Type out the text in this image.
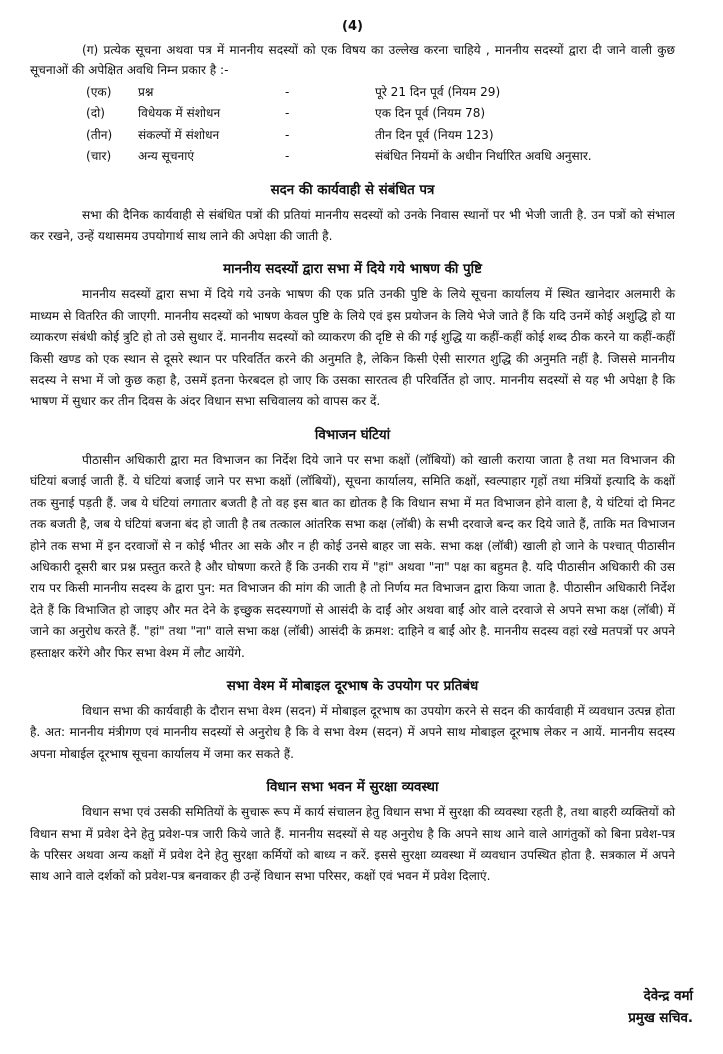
(4)

(ग) प्रत्येक सूचना अथवा पत्र में माननीय सदस्यों को एक विषय का उल्लेख करना चाहिये , माननीय सदस्यों द्वारा दी जाने वाली कुछ सूचनाओं की अपेक्षित अवधि निम्न प्रकार है :-

(एक)	प्रश्न	-	पूरे 21 दिन पूर्व (नियम 29)
(दो)	विधेयक में संशोधन	-	एक दिन पूर्व (नियम 78)
(तीन)	संकल्पों में संशोधन	-	तीन दिन पूर्व (नियम 123)
(चार)	अन्य सूचनाएं	-	संबंधित नियमों के अधीन निर्धारित अवधि अनुसार.
सदन की कार्यवाही से संबंधित पत्र

सभा की दैनिक कार्यवाही से संबंधित पत्रों की प्रतियां माननीय सदस्यों को उनके निवास स्थानों पर भी भेजी जाती है. उन पत्रों को संभाल कर रखने, उन्हें यथासमय उपयोगार्थ साथ लाने की अपेक्षा की जाती है.

माननीय सदस्यों द्वारा सभा में दिये गये भाषण की पुष्टि

माननीय सदस्यों द्वारा सभा में दिये गये उनके भाषण की एक प्रति उनकी पुष्टि के लिये सूचना कार्यालय में स्थित खानेदार अलमारी के माध्यम से वितरित की जाएगी. माननीय सदस्यों को भाषण केवल पुष्टि के लिये एवं इस प्रयोजन के लिये भेजे जाते हैं कि यदि उनमें कोई अशुद्धि हो या व्याकरण संबंधी कोई त्रुटि हो तो उसे सुधार दें. माननीय सदस्यों को व्याकरण की दृष्टि से की गई शुद्धि या कहीं-कहीं कोई शब्द ठीक करने या कहीं-कहीं किसी खण्ड को एक स्थान से दूसरे स्थान पर परिवर्तित करने की अनुमति है, लेकिन किसी ऐसी सारगत शुद्धि की अनुमति नहीं है. जिससे माननीय सदस्य ने सभा में जो कुछ कहा है, उसमें इतना फेरबदल हो जाए कि उसका सारतत्व ही परिवर्तित हो जाए. माननीय सदस्यों से यह भी अपेक्षा है कि भाषण में सुधार कर तीन दिवस के अंदर विधान सभा सचिवालय को वापस कर दें.

विभाजन घंटियां

पीठासीन अधिकारी द्वारा मत विभाजन का निर्देश दिये जाने पर सभा कक्षों (लॉबियों) को खाली कराया जाता है तथा मत विभाजन की घंटियां बजाई जाती हैं. ये घंटियां बजाई जाने पर सभा कक्षों (लॉबियों), सूचना कार्यालय, समिति कक्षों, स्वल्पाहार गृहों तथा मंत्रियों इत्यादि के कक्षों तक सुनाई पड़ती हैं. जब ये घंटियां लगातार बजती है तो वह इस बात का द्योतक है कि विधान सभा में मत विभाजन होने वाला है, ये घंटियां दो मिनट तक बजती है, जब ये घंटियां बजना बंद हो जाती है तब तत्काल आंतरिक सभा कक्ष (लॉबी) के सभी दरवाजे बन्द कर दिये जाते हैं, ताकि मत विभाजन होने तक सभा में इन दरवाजों से न कोई भीतर आ सके और न ही कोई उनसे बाहर जा सके. सभा कक्ष (लॉबी) खाली हो जाने के पश्चात् पीठासीन अधिकारी दूसरी बार प्रश्न प्रस्तुत करते है और घोषणा करते हैं कि उनकी राय में "हां" अथवा "ना" पक्ष का बहुमत है. यदि पीठासीन अधिकारी की उस राय पर किसी माननीय सदस्य के द्वारा पुन: मत विभाजन की मांग की जाती है तो निर्णय मत विभाजन द्वारा किया जाता है. पीठासीन अधिकारी निर्देश देते हैं कि विभाजित हो जाइए और मत देने के इच्छुक सदस्यगणों से आसंदी के दाईं ओर अथवा बाईं ओर वाले दरवाजे से अपने सभा कक्ष (लॉबी) में जाने का अनुरोध करते हैं. "हां" तथा "ना" वाले सभा कक्ष (लॉबी) आसंदी के क्रमश: दाहिने व बाईं ओर है. माननीय सदस्य वहां रखे मतपत्रों पर अपने हस्ताक्षर करेंगे और फिर सभा वेश्म में लौट आयेंगे.

सभा वेश्म में मोबाइल दूरभाष के उपयोग पर प्रतिबंध

विधान सभा की कार्यवाही के दौरान सभा वेश्म (सदन) में मोबाइल दूरभाष का उपयोग करने से सदन की कार्यवाही में व्यवधान उत्पन्न होता है. अत: माननीय मंत्रीगण एवं माननीय सदस्यों से अनुरोध है कि वे सभा वेश्म (सदन) में अपने साथ मोबाइल दूरभाष लेकर न आयें. माननीय सदस्य अपना मोबाईल दूरभाष सूचना कार्यालय में जमा कर सकते हैं.

विधान सभा भवन में सुरक्षा व्यवस्था

विधान सभा एवं उसकी समितियों के सुचारू रूप में कार्य संचालन हेतु विधान सभा में सुरक्षा की व्यवस्था रहती है, तथा बाहरी व्यक्तियों को विधान सभा में प्रवेश देने हेतु प्रवेश-पत्र जारी किये जाते हैं. माननीय सदस्यों से यह अनुरोध है कि अपने साथ आने वाले आगंतुकों को बिना प्रवेश-पत्र के परिसर अथवा अन्य कक्षों में प्रवेश देने हेतु सुरक्षा कर्मियों को बाध्य न करें. इससे सुरक्षा व्यवस्था में व्यवधान उपस्थित होता है. सत्रकाल में अपने साथ आने वाले दर्शकों को प्रवेश-पत्र बनवाकर ही उन्हें विधान सभा परिसर, कक्षों एवं भवन में प्रवेश दिलाएं.

देवेन्द्र वर्मा
प्रमुख सचिव.
